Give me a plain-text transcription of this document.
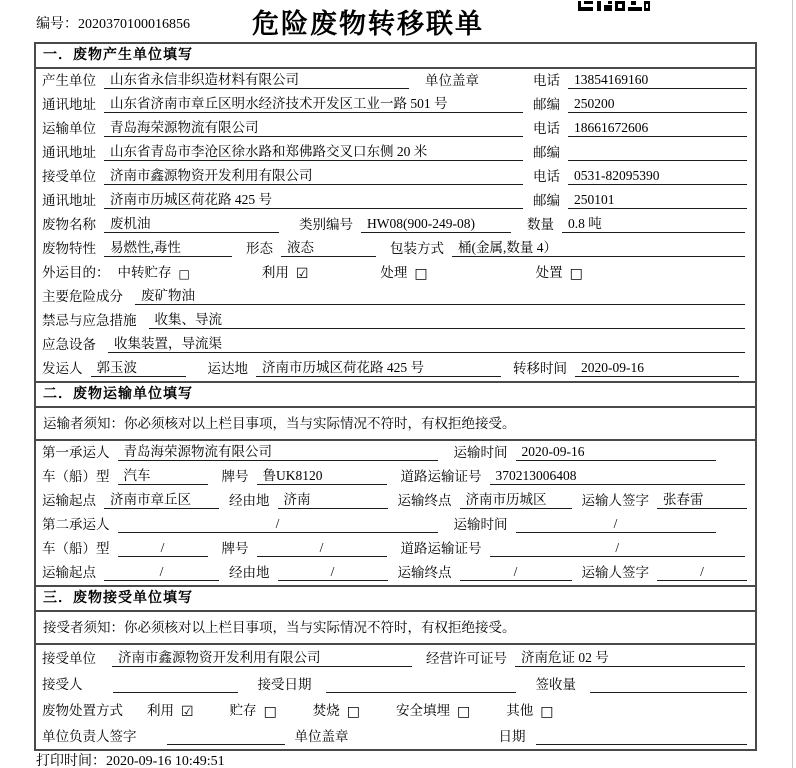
编号：2020370100016856	危险废物转移联单
一．废物产生单位填写
产生单位	山东省永信非织造材料有限公司	单位盖章	电话	13854169160
通讯地址	山东省济南市章丘区明水经济技术开发区工业一路 501 号	邮编	250200
运输单位	青岛海荣源物流有限公司	电话	18661672606
通讯地址	山东省青岛市李沧区徐水路和郑佛路交叉口东侧 20 米	邮编
接受单位	济南市鑫源物资开发利用有限公司	电话	0531-82095390
通讯地址	济南市历城区荷花路 425 号	邮编	250101
废物名称	废机油	类别编号	HW08(900-249-08)	数量	0.8 吨
废物特性	易燃性,毒性	形态	液态	包装方式	桶(金属,数量 4）
外运目的： 中转贮存 □	利用 ☑	处理 □	处置 □
主要危险成分	废矿物油
禁忌与应急措施	收集、导流
应急设备	收集装置，导流渠
发运人	郭玉波	运达地	济南市历城区荷花路 425 号	转移时间	2020-09-16
二．废物运输单位填写
运输者须知：你必须核对以上栏目事项，当与实际情况不符时，有权拒绝接受。
第一承运人	青岛海荣源物流有限公司	运输时间	2020-09-16
车（船）型	汽车	牌号	鲁UK8120	道路运输证号	370213006408
运输起点	济南市章丘区	经由地	济南	运输终点	济南市历城区	运输人签字	张春雷
第二承运人	/	运输时间	/
车（船）型	/	牌号	/	道路运输证号	/
运输起点	/	经由地	/	运输终点	/	运输人签字	/
三．废物接受单位填写
接受者须知：你必须核对以上栏目事项，当与实际情况不符时，有权拒绝接受。
接受单位	济南市鑫源物资开发利用有限公司	经营许可证号	济南危证 02 号
接受人	接受日期	签收量
废物处置方式 利用 ☑	贮存 □	焚烧 □	安全填埋 □	其他 □
单位负责人签字	单位盖章	日期
打印时间：2020-09-16 10:49:51
